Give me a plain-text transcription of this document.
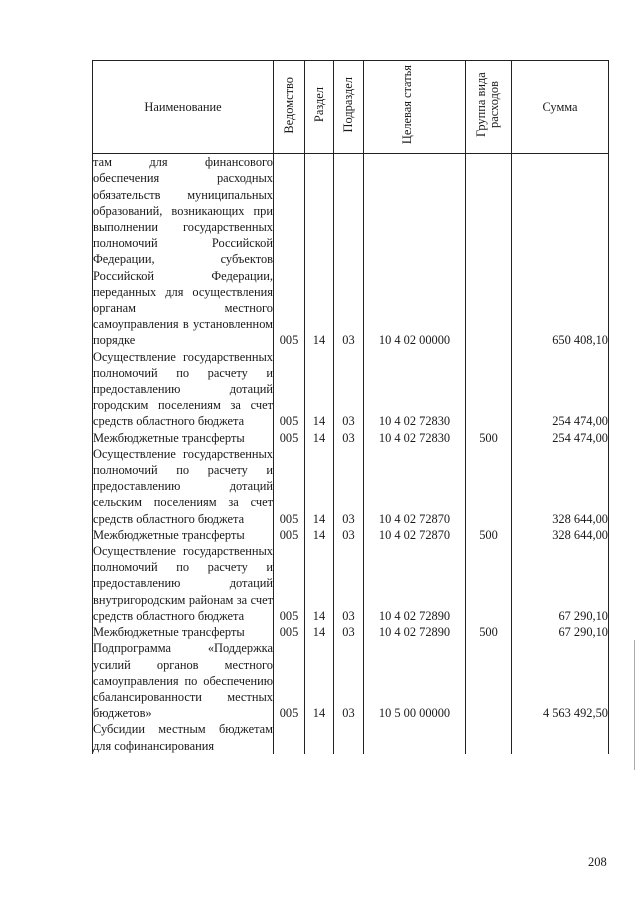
Наименование	Ведомство	Раздел	Подраздел	Целевая статья	Группа вида расходов	Сумма
там для финансового обеспечения расходных обязательств муниципальных образований, возникающих при выполнении государственных полномочий Российской Федерации, субъектов Российской Федерации, переданных для осуществления органам местного самоуправления в установленном порядке	005	14	03	10 4 02 00000		650 408,10
Осуществление государственных полномочий по расчету и предоставлению дотаций городским поселениям за счет средств областного бюджета	005	14	03	10 4 02 72830		254 474,00
Межбюджетные трансферты	005	14	03	10 4 02 72830	500	254 474,00
Осуществление государственных полномочий по расчету и предоставлению дотаций сельским поселениям за счет средств областного бюджета	005	14	03	10 4 02 72870		328 644,00
Межбюджетные трансферты	005	14	03	10 4 02 72870	500	328 644,00
Осуществление государственных полномочий по расчету и предоставлению дотаций внутригородским районам за счет средств областного бюджета	005	14	03	10 4 02 72890		67 290,10
Межбюджетные трансферты	005	14	03	10 4 02 72890	500	67 290,10
Подпрограмма «Поддержка усилий органов местного самоуправления по обеспечению сбалансированности местных бюджетов»	005	14	03	10 5 00 00000		4 563 492,50
Субсидии местным бюджетам для софинансирования						
208
